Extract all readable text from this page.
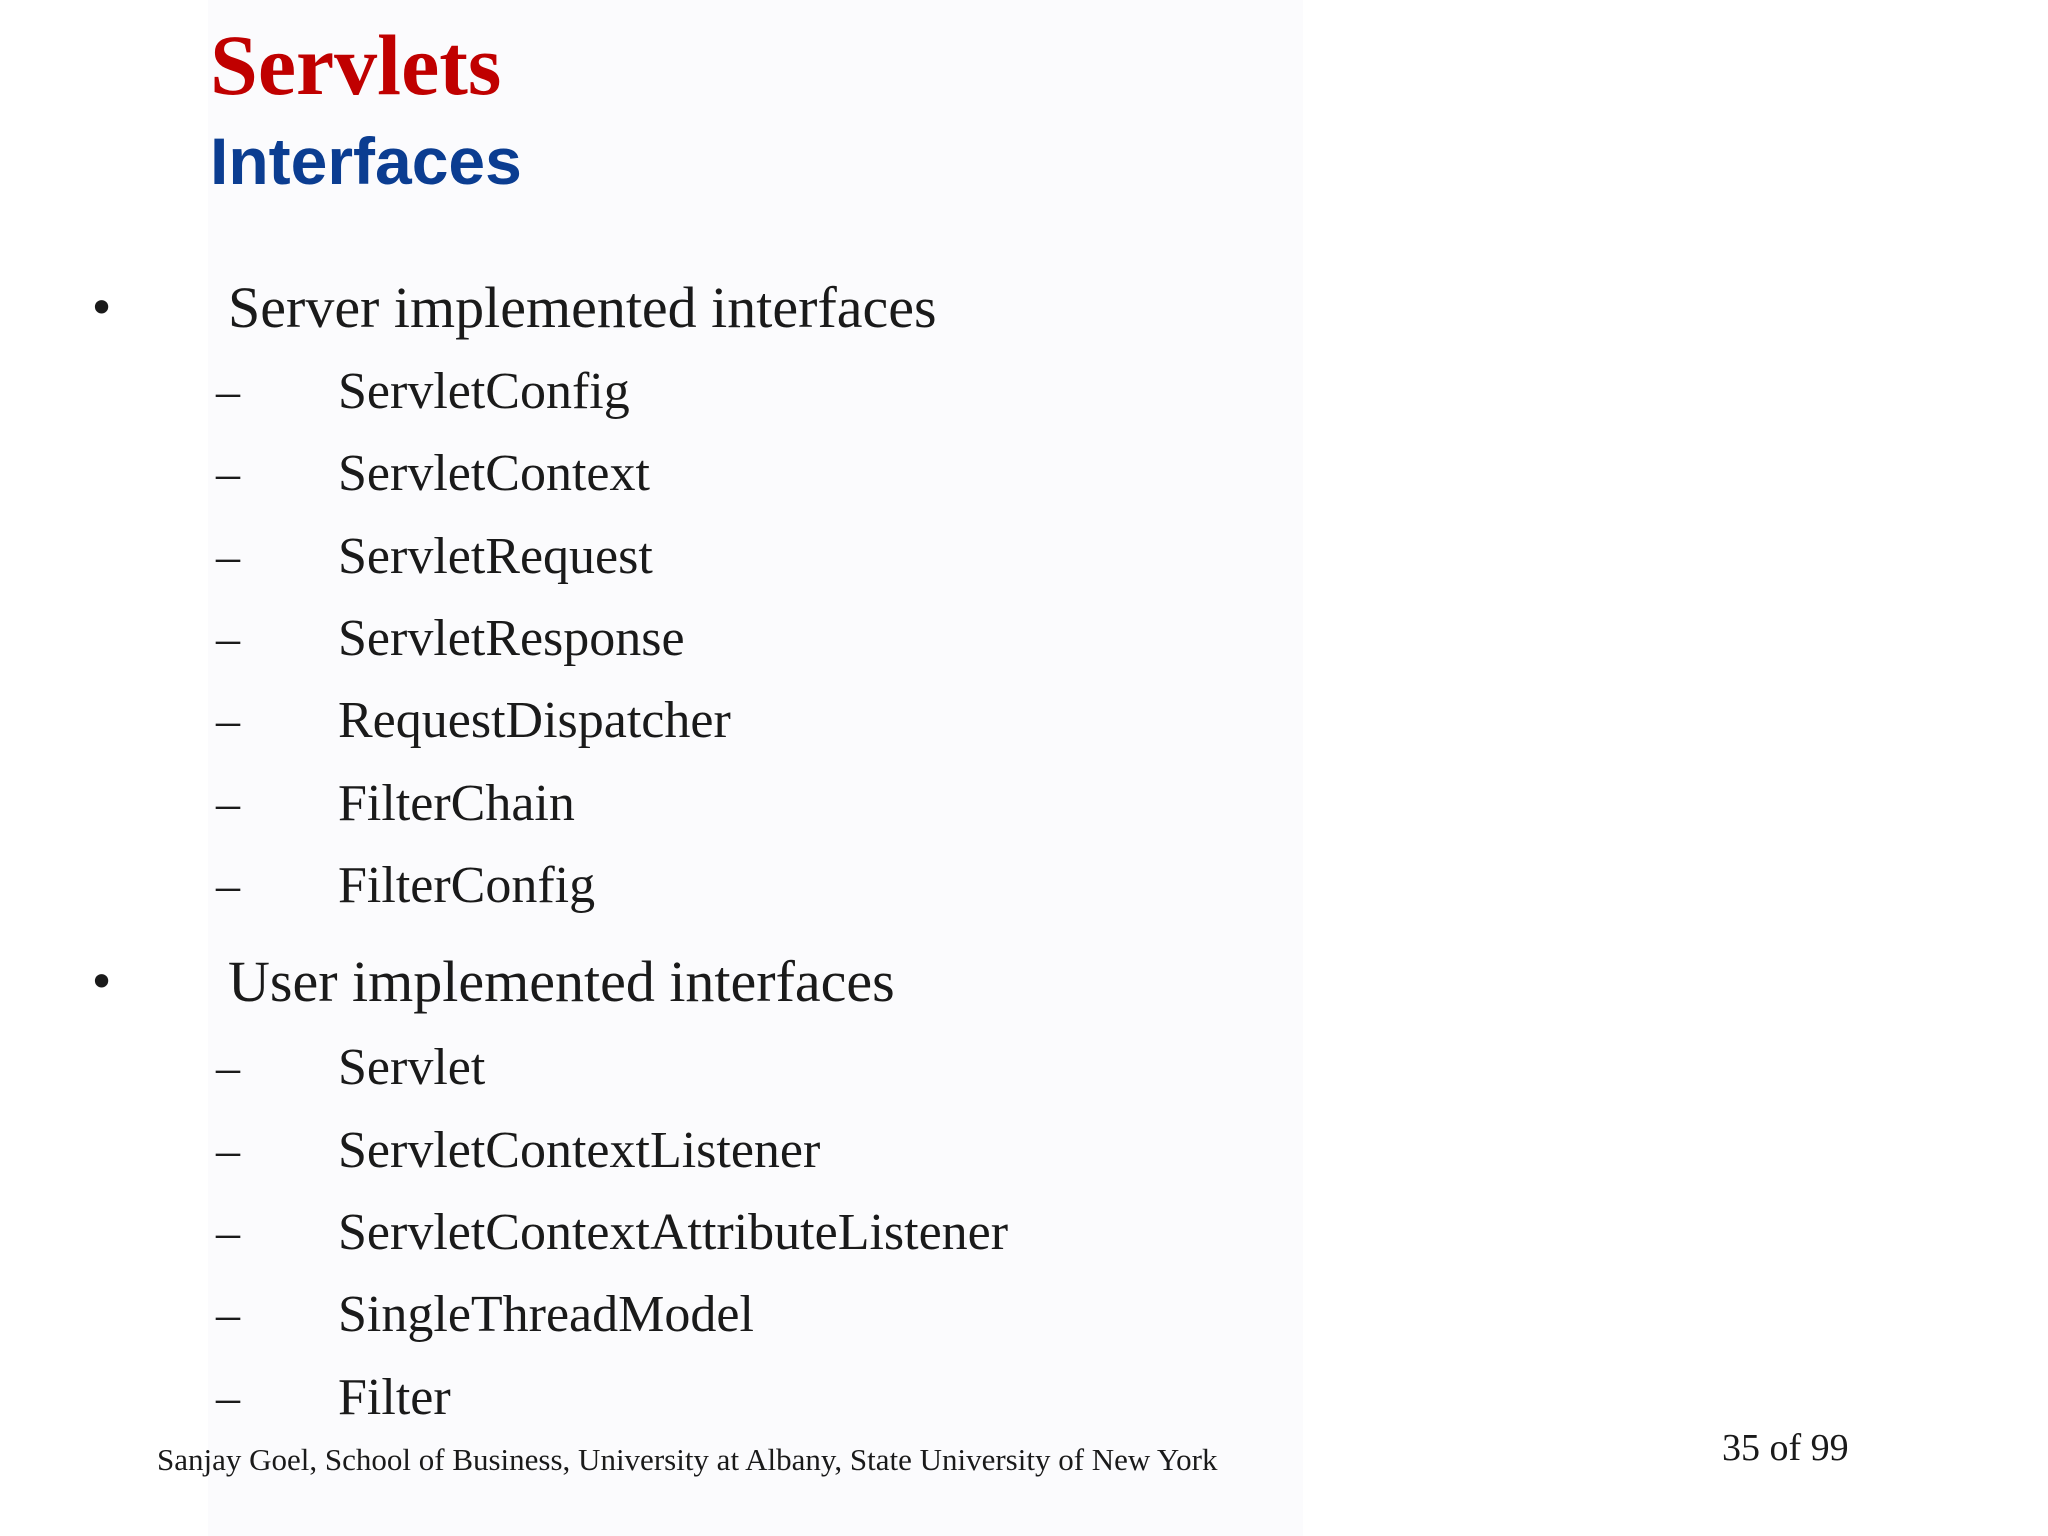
Servlets
Interfaces
• Server implemented interfaces
– ServletConfig
– ServletContext
– ServletRequest
– ServletResponse
– RequestDispatcher
– FilterChain
– FilterConfig
• User implemented interfaces
– Servlet
– ServletContextListener
– ServletContextAttributeListener
– SingleThreadModel
– Filter
Sanjay Goel, School of Business, University at Albany, State University of New York	35 of 99
